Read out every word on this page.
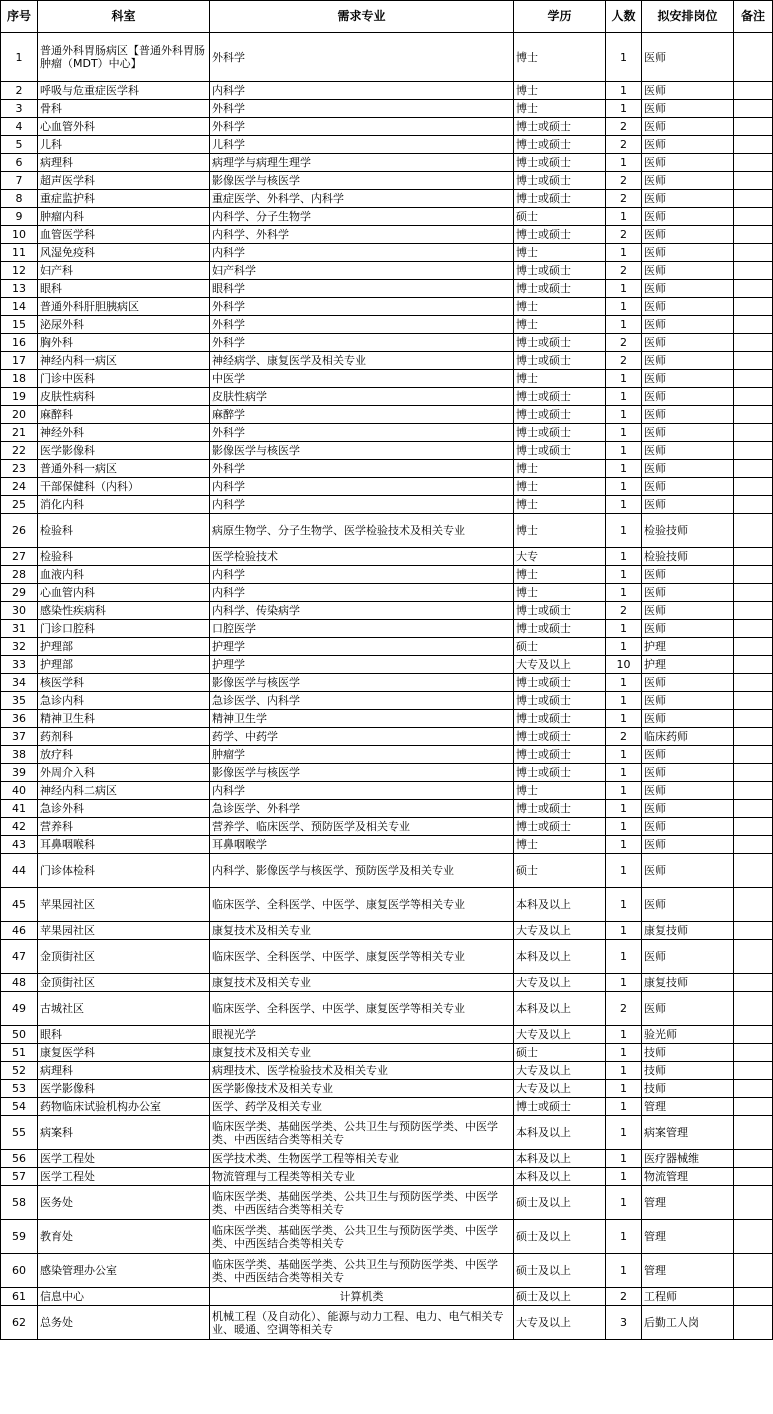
序号	科室	需求专业	学历	人数	拟安排岗位	备注
1	普通外科胃肠病区【普通外科胃肠肿瘤（MDT）中心】	外科学	博士	1	医师	
2	呼吸与危重症医学科	内科学	博士	1	医师	
3	骨科	外科学	博士	1	医师	
4	心血管外科	外科学	博士或硕士	2	医师	
5	儿科	儿科学	博士或硕士	2	医师	
6	病理科	病理学与病理生理学	博士或硕士	1	医师	
7	超声医学科	影像医学与核医学	博士或硕士	2	医师	
8	重症监护科	重症医学、外科学、内科学	博士或硕士	2	医师	
9	肿瘤内科	内科学、分子生物学	硕士	1	医师	
10	血管医学科	内科学、外科学	博士或硕士	2	医师	
11	风湿免疫科	内科学	博士	1	医师	
12	妇产科	妇产科学	博士或硕士	2	医师	
13	眼科	眼科学	博士或硕士	1	医师	
14	普通外科肝胆胰病区	外科学	博士	1	医师	
15	泌尿外科	外科学	博士	1	医师	
16	胸外科	外科学	博士或硕士	2	医师	
17	神经内科一病区	神经病学、康复医学及相关专业	博士或硕士	2	医师	
18	门诊中医科	中医学	博士	1	医师	
19	皮肤性病科	皮肤性病学	博士或硕士	1	医师	
20	麻醉科	麻醉学	博士或硕士	1	医师	
21	神经外科	外科学	博士或硕士	1	医师	
22	医学影像科	影像医学与核医学	博士或硕士	1	医师	
23	普通外科一病区	外科学	博士	1	医师	
24	干部保健科（内科）	内科学	博士	1	医师	
25	消化内科	内科学	博士	1	医师	
26	检验科	病原生物学、分子生物学、医学检验技术及相关专业	博士	1	检验技师	
27	检验科	医学检验技术	大专	1	检验技师	
28	血液内科	内科学	博士	1	医师	
29	心血管内科	内科学	博士	1	医师	
30	感染性疾病科	内科学、传染病学	博士或硕士	2	医师	
31	门诊口腔科	口腔医学	博士或硕士	1	医师	
32	护理部	护理学	硕士	1	护理	
33	护理部	护理学	大专及以上	10	护理	
34	核医学科	影像医学与核医学	博士或硕士	1	医师	
35	急诊内科	急诊医学、内科学	博士或硕士	1	医师	
36	精神卫生科	精神卫生学	博士或硕士	1	医师	
37	药剂科	药学、中药学	博士或硕士	2	临床药师	
38	放疗科	肿瘤学	博士或硕士	1	医师	
39	外周介入科	影像医学与核医学	博士或硕士	1	医师	
40	神经内科二病区	内科学	博士	1	医师	
41	急诊外科	急诊医学、外科学	博士或硕士	1	医师	
42	营养科	营养学、临床医学、预防医学及相关专业	博士或硕士	1	医师	
43	耳鼻咽喉科	耳鼻咽喉学	博士	1	医师	
44	门诊体检科	内科学、影像医学与核医学、预防医学及相关专业	硕士	1	医师	
45	苹果园社区	临床医学、全科医学、中医学、康复医学等相关专业	本科及以上	1	医师	
46	苹果园社区	康复技术及相关专业	大专及以上	1	康复技师	
47	金顶街社区	临床医学、全科医学、中医学、康复医学等相关专业	本科及以上	1	医师	
48	金顶街社区	康复技术及相关专业	大专及以上	1	康复技师	
49	古城社区	临床医学、全科医学、中医学、康复医学等相关专业	本科及以上	2	医师	
50	眼科	眼视光学	大专及以上	1	验光师	
51	康复医学科	康复技术及相关专业	硕士	1	技师	
52	病理科	病理技术、医学检验技术及相关专业	大专及以上	1	技师	
53	医学影像科	医学影像技术及相关专业	大专及以上	1	技师	
54	药物临床试验机构办公室	医学、药学及相关专业	博士或硕士	1	管理	
55	病案科	临床医学类、基础医学类、公共卫生与预防医学类、中医学类、中西医结合类等相关专	本科及以上	1	病案管理	
56	医学工程处	医学技术类、生物医学工程等相关专业	本科及以上	1	医疗器械维	
57	医学工程处	物流管理与工程类等相关专业	本科及以上	1	物流管理	
58	医务处	临床医学类、基础医学类、公共卫生与预防医学类、中医学类、中西医结合类等相关专	硕士及以上	1	管理	
59	教育处	临床医学类、基础医学类、公共卫生与预防医学类、中医学类、中西医结合类等相关专	硕士及以上	1	管理	
60	感染管理办公室	临床医学类、基础医学类、公共卫生与预防医学类、中医学类、中西医结合类等相关专	硕士及以上	1	管理	
61	信息中心	计算机类	硕士及以上	2	工程师	
62	总务处	机械工程（及自动化）、能源与动力工程、电力、电气相关专业、暖通、空调等相关专	大专及以上	3	后勤工人岗	
